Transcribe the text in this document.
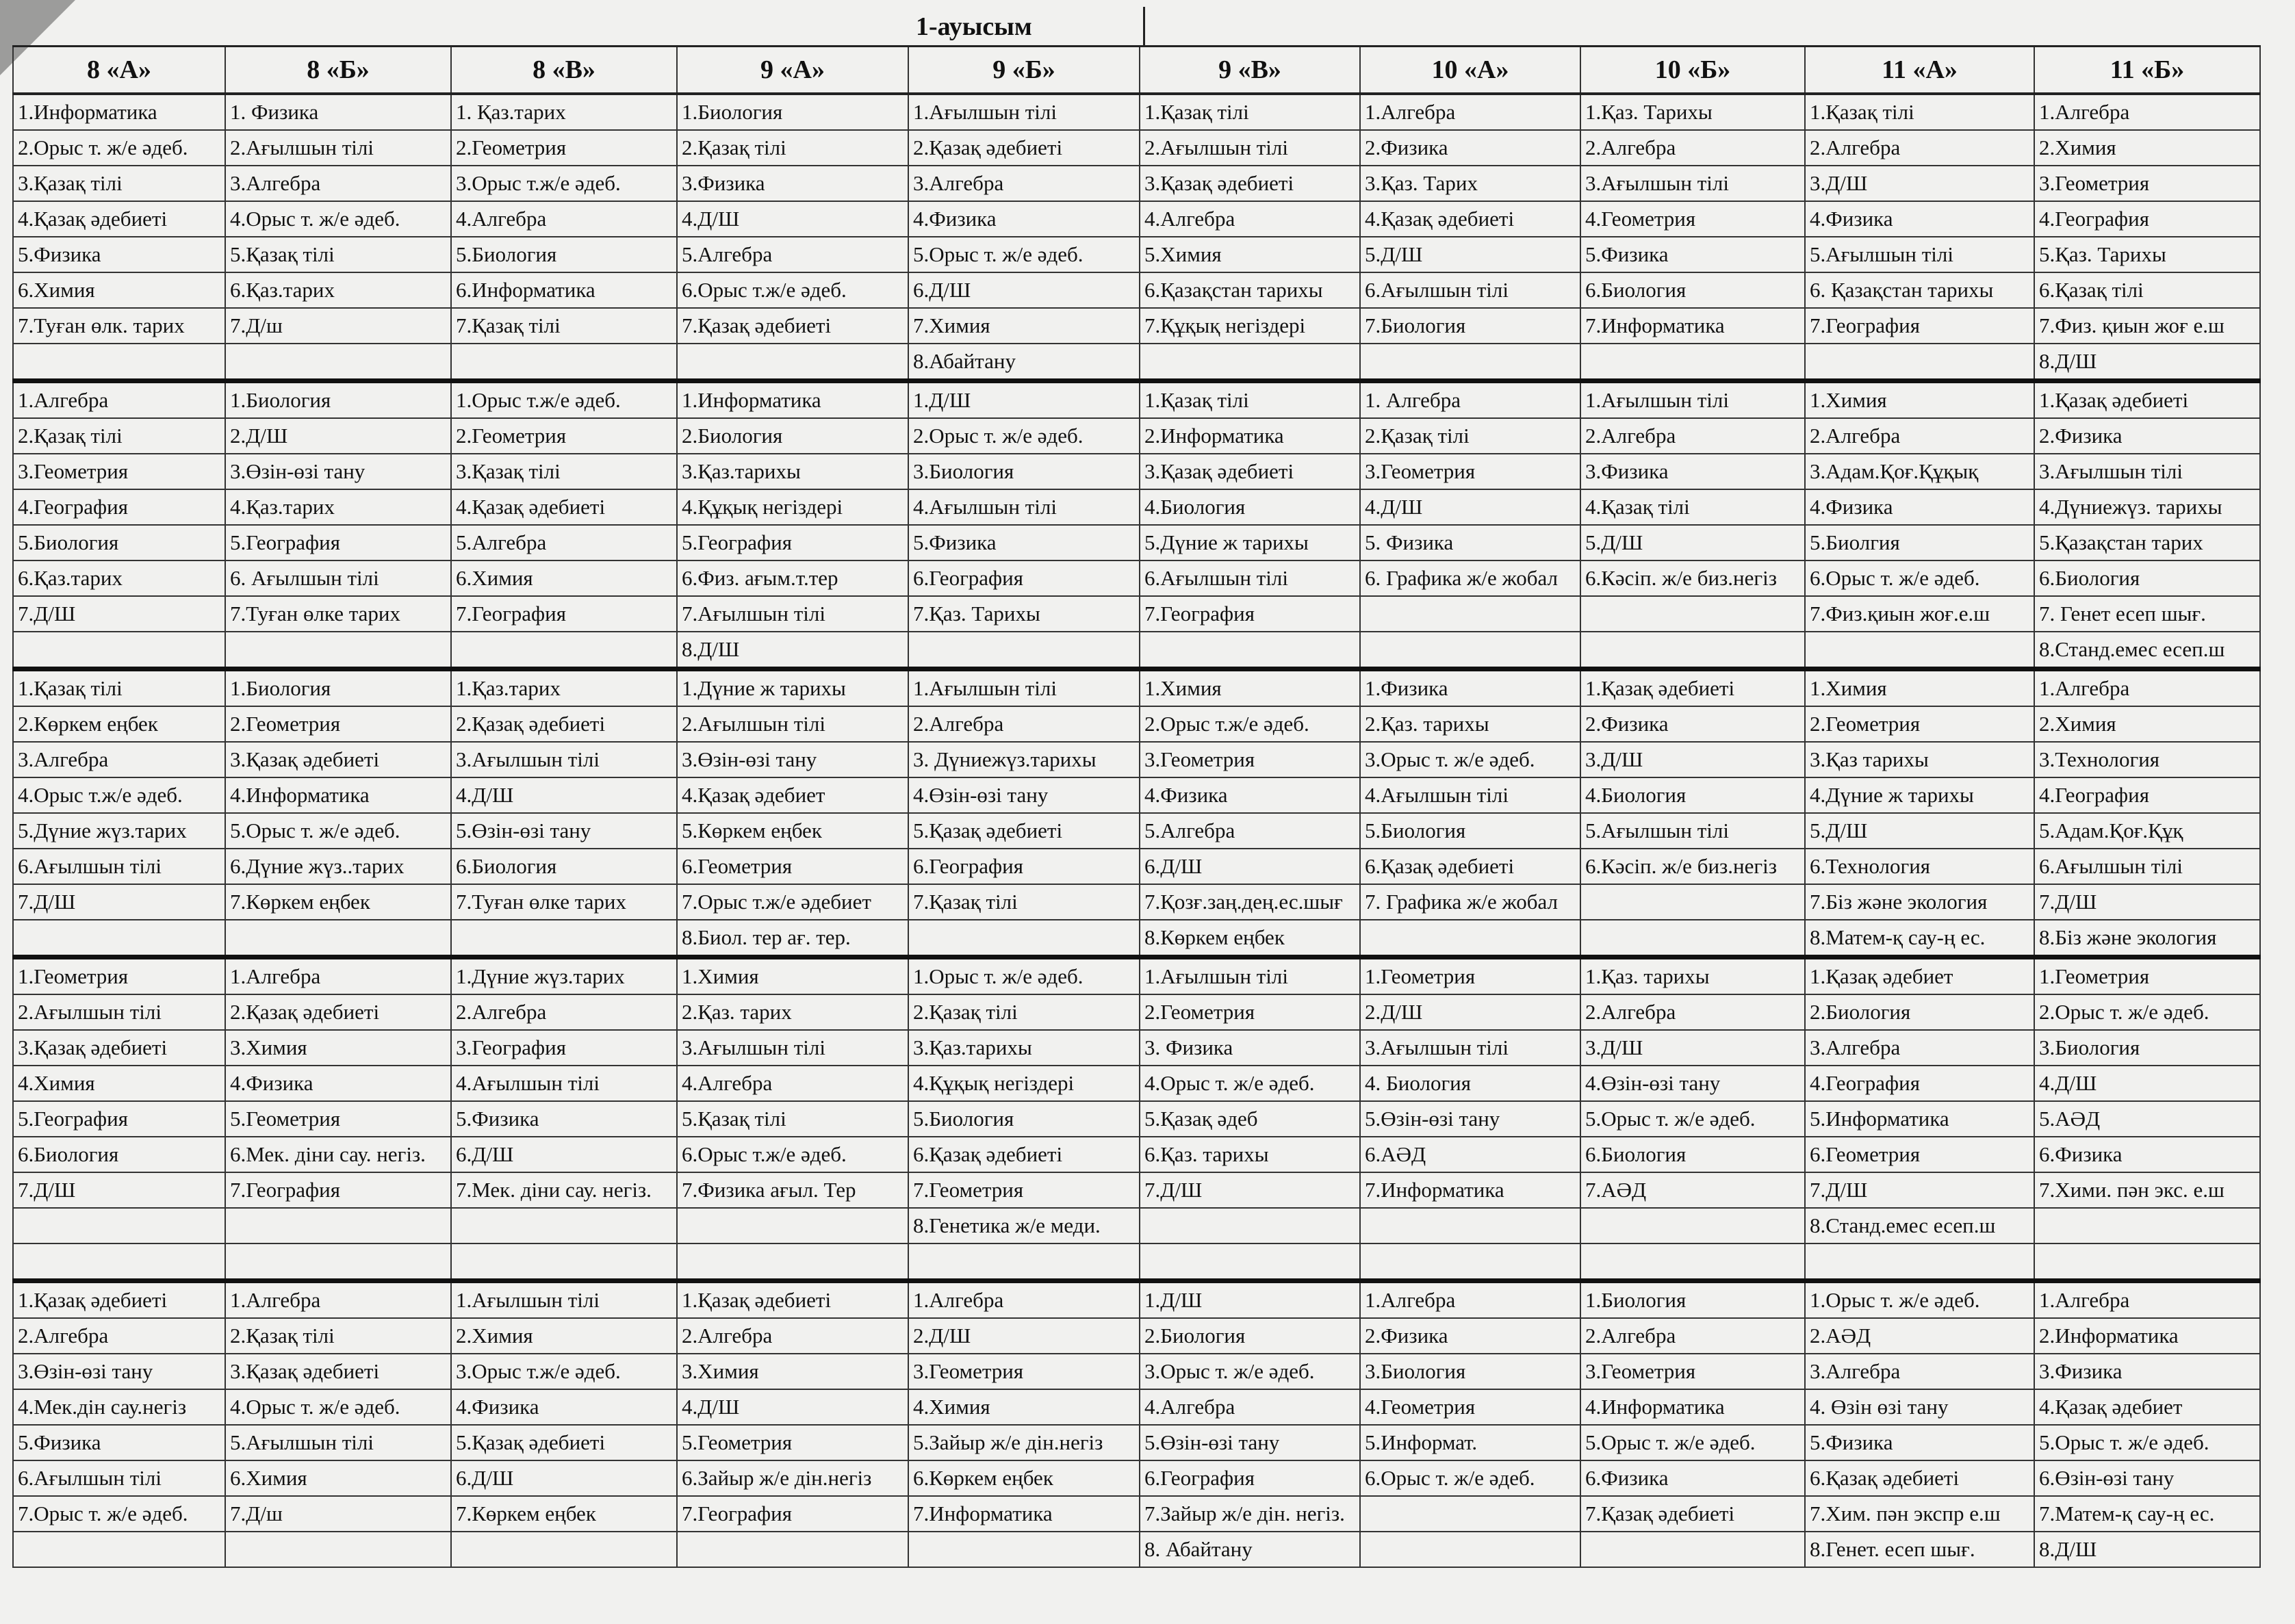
1-ауысым
8 «А»	8 «Б»	8 «В»	9 «А»	9 «Б»	9 «В»	10 «А»	10 «Б»	11 «А»	11 «Б»
1.Информатика	1. Физика	1. Қаз.тарих	1.Биология	1.Ағылшын тілі	1.Қазақ тілі	1.Алгебра	1.Қаз. Тарихы	1.Қазақ тілі	1.Алгебра
2.Орыс т. ж/е әдеб.	2.Ағылшын тілі	2.Геометрия	2.Қазақ тілі	2.Қазақ әдебиеті	2.Ағылшын тілі	2.Физика	2.Алгебра	2.Алгебра	2.Химия
3.Қазақ тілі	3.Алгебра	3.Орыс т.ж/е әдеб.	3.Физика	3.Алгебра	3.Қазақ әдебиеті	3.Қаз. Тарих	3.Ағылшын тілі	3.Д/Ш	3.Геометрия
4.Қазақ әдебиеті	4.Орыс т. ж/е әдеб.	4.Алгебра	4.Д/Ш	4.Физика	4.Алгебра	4.Қазақ әдебиеті	4.Геометрия	4.Физика	4.География
5.Физика	5.Қазақ тілі	5.Биология	5.Алгебра	5.Орыс т. ж/е әдеб.	5.Химия	5.Д/Ш	5.Физика	5.Ағылшын тілі	5.Қаз. Тарихы
6.Химия	6.Қаз.тарих	6.Информатика	6.Орыс т.ж/е әдеб.	6.Д/Ш	6.Қазақстан тарихы	6.Ағылшын тілі	6.Биология	6. Қазақстан тарихы	6.Қазақ тілі
7.Туған өлк. тарих	7.Д/ш	7.Қазақ тілі	7.Қазақ әдебиеті	7.Химия	7.Құқық негіздері	7.Биология	7.Информатика	7.География	7.Физ. қиын жоғ е.ш
				8.Абайтану					8.Д/Ш
1.Алгебра	1.Биология	1.Орыс т.ж/е әдеб.	1.Информатика	1.Д/Ш	1.Қазақ тілі	1. Алгебра	1.Ағылшын тілі	1.Химия	1.Қазақ әдебиеті
2.Қазақ тілі	2.Д/Ш	2.Геометрия	2.Биология	2.Орыс т. ж/е әдеб.	2.Информатика	2.Қазақ тілі	2.Алгебра	2.Алгебра	2.Физика
3.Геометрия	3.Өзін-өзі тану	3.Қазақ тілі	3.Қаз.тарихы	3.Биология	3.Қазақ әдебиеті	3.Геометрия	3.Физика	3.Адам.Қоғ.Құқық	3.Ағылшын тілі
4.География	4.Қаз.тарих	4.Қазақ әдебиеті	4.Құқық негіздері	4.Ағылшын тілі	4.Биология	4.Д/Ш	4.Қазақ тілі	4.Физика	4.Дүниежүз. тарихы
5.Биология	5.География	5.Алгебра	5.География	5.Физика	5.Дүние ж тарихы	5. Физика	5.Д/Ш	5.Биолгия	5.Қазақстан тарих
6.Қаз.тарих	6. Ағылшын тілі	6.Химия	6.Физ. ағым.т.тер	6.География	6.Ағылшын тілі	6. Графика ж/е жобал	6.Кәсіп. ж/е биз.негіз	6.Орыс т. ж/е әдеб.	6.Биология
7.Д/Ш	7.Туған өлке тарих	7.География	7.Ағылшын тілі	7.Қаз. Тарихы	7.География			7.Физ.қиын жоғ.е.ш	7. Генет есеп шығ.
			8.Д/Ш						8.Станд.емес есеп.ш
1.Қазақ тілі	1.Биология	1.Қаз.тарих	1.Дүние ж тарихы	1.Ағылшын тілі	1.Химия	1.Физика	1.Қазақ әдебиеті	1.Химия	1.Алгебра
2.Көркем еңбек	2.Геометрия	2.Қазақ әдебиеті	2.Ағылшын тілі	2.Алгебра	2.Орыс т.ж/е әдеб.	2.Қаз. тарихы	2.Физика	2.Геометрия	2.Химия
3.Алгебра	3.Қазақ әдебиеті	3.Ағылшын тілі	3.Өзін-өзі тану	3. Дүниежүз.тарихы	3.Геометрия	3.Орыс т. ж/е әдеб.	3.Д/Ш	3.Қаз тарихы	3.Технология
4.Орыс т.ж/е әдеб.	4.Информатика	4.Д/Ш	4.Қазақ әдебиет	4.Өзін-өзі тану	4.Физика	4.Ағылшын тілі	4.Биология	4.Дүние ж тарихы	4.География
5.Дүние жүз.тарих	5.Орыс т. ж/е әдеб.	5.Өзін-өзі тану	5.Көркем еңбек	5.Қазақ әдебиеті	5.Алгебра	5.Биология	5.Ағылшын тілі	5.Д/Ш	5.Адам.Қоғ.Құқ
6.Ағылшын тілі	6.Дүние жүз..тарих	6.Биология	6.Геометрия	6.География	6.Д/Ш	6.Қазақ әдебиеті	6.Кәсіп. ж/е биз.негіз	6.Технология	6.Ағылшын тілі
7.Д/Ш	7.Көркем еңбек	7.Туған өлке тарих	7.Орыс т.ж/е әдебиет	7.Қазақ тілі	7.Қозғ.заң.дең.ес.шығ	7. Графика ж/е жобал		7.Біз және экология	7.Д/Ш
			8.Биол. тер ағ. тер.		8.Көркем еңбек			8.Матем-қ сау-ң ес.	8.Біз және экология
1.Геометрия	1.Алгебра	1.Дүние жүз.тарих	1.Химия	1.Орыс т. ж/е әдеб.	1.Ағылшын тілі	1.Геометрия	1.Қаз. тарихы	1.Қазақ әдебиет	1.Геометрия
2.Ағылшын тілі	2.Қазақ әдебиеті	2.Алгебра	2.Қаз. тарих	2.Қазақ тілі	2.Геометрия	2.Д/Ш	2.Алгебра	2.Биология	2.Орыс т. ж/е әдеб.
3.Қазақ әдебиеті	3.Химия	3.География	3.Ағылшын тілі	3.Қаз.тарихы	3. Физика	3.Ағылшын тілі	3.Д/Ш	3.Алгебра	3.Биология
4.Химия	4.Физика	4.Ағылшын тілі	4.Алгебра	4.Құқық негіздері	4.Орыс т. ж/е әдеб.	4. Биология	4.Өзін-өзі тану	4.География	4.Д/Ш
5.География	5.Геометрия	5.Физика	5.Қазақ тілі	5.Биология	5.Қазақ әдеб	5.Өзін-өзі тану	5.Орыс т. ж/е әдеб.	5.Информатика	5.АӘД
6.Биология	6.Мек. діни сау. негіз.	6.Д/Ш	6.Орыс т.ж/е әдеб.	6.Қазақ әдебиеті	6.Қаз. тарихы	6.АӘД	6.Биология	6.Геометрия	6.Физика
7.Д/Ш	7.География	7.Мек. діни сау. негіз.	7.Физика ағыл. Тер	7.Геометрия	7.Д/Ш	7.Информатика	7.АӘД	7.Д/Ш	7.Хими. пән экс. е.ш
				8.Генетика ж/е меди.				8.Станд.емес есеп.ш	

1.Қазақ әдебиеті	1.Алгебра	1.Ағылшын тілі	1.Қазақ әдебиеті	1.Алгебра	1.Д/Ш	1.Алгебра	1.Биология	1.Орыс т. ж/е әдеб.	1.Алгебра
2.Алгебра	2.Қазақ тілі	2.Химия	2.Алгебра	2.Д/Ш	2.Биология	2.Физика	2.Алгебра	2.АӘД	2.Информатика
3.Өзін-өзі тану	3.Қазақ әдебиеті	3.Орыс т.ж/е әдеб.	3.Химия	3.Геометрия	3.Орыс т. ж/е әдеб.	3.Биология	3.Геометрия	3.Алгебра	3.Физика
4.Мек.дін сау.негіз	4.Орыс т. ж/е әдеб.	4.Физика	4.Д/Ш	4.Химия	4.Алгебра	4.Геометрия	4.Информатика	4. Өзін өзі тану	4.Қазақ әдебиет
5.Физика	5.Ағылшын тілі	5.Қазақ әдебиеті	5.Геометрия	5.Зайыр ж/е дін.негіз	5.Өзін-өзі тану	5.Информат.	5.Орыс т. ж/е әдеб.	5.Физика	5.Орыс т. ж/е әдеб.
6.Ағылшын тілі	6.Химия	6.Д/Ш	6.Зайыр ж/е дін.негіз	6.Көркем еңбек	6.География	6.Орыс т. ж/е әдеб.	6.Физика	6.Қазақ әдебиеті	6.Өзін-өзі тану
7.Орыс т. ж/е әдеб.	7.Д/ш	7.Көркем еңбек	7.География	7.Информатика	7.Зайыр ж/е дін. негіз.		7.Қазақ әдебиеті	7.Хим. пән экспр е.ш	7.Матем-қ сау-ң ес.
					8. Абайтану			8.Генет. есеп шығ.	8.Д/Ш
